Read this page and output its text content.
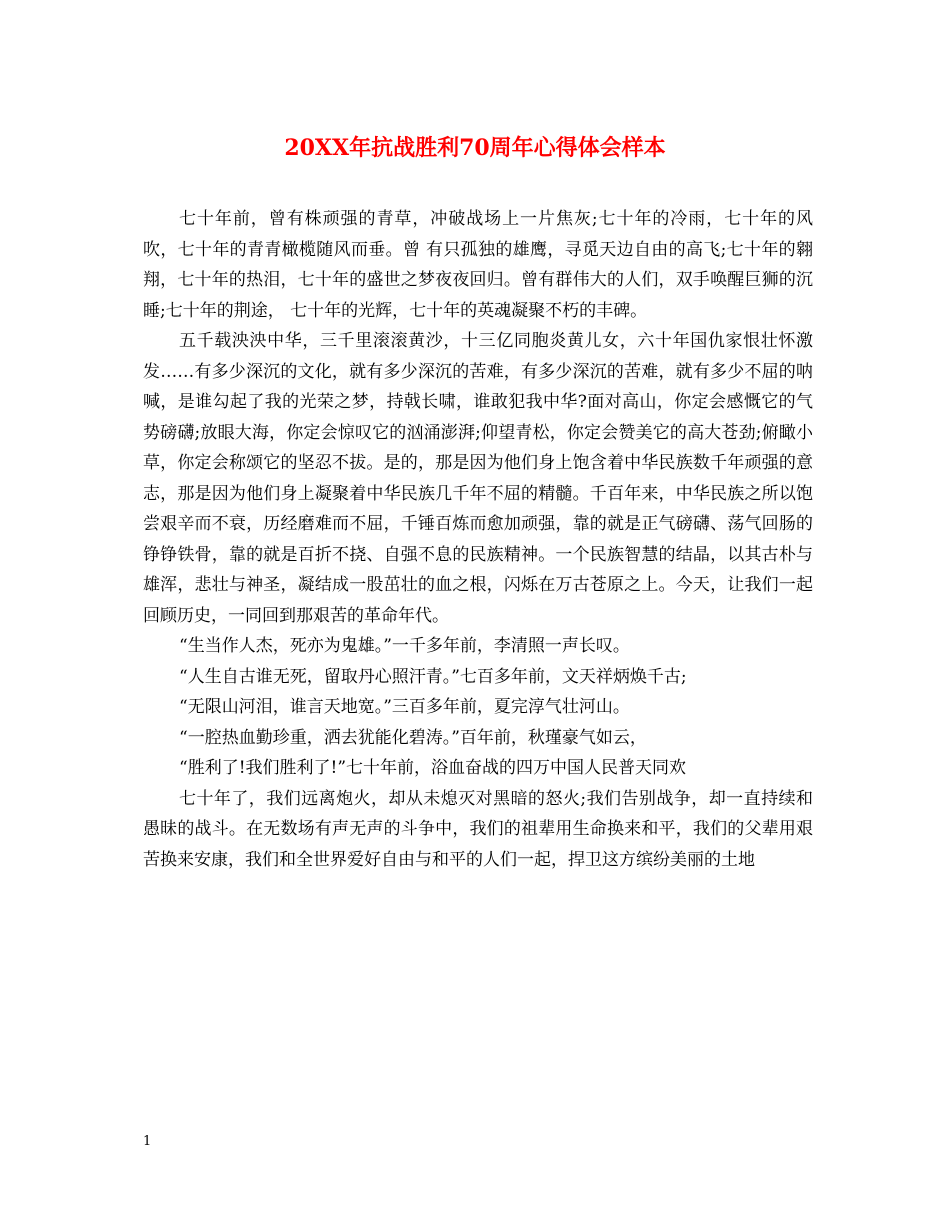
20XX年抗战胜利70周年心得体会样本

七十年前，曾有株顽强的青草，冲破战场上一片焦灰;七十年的冷雨，七十年的风吹，七十年的青青橄榄随风而垂。曾 有只孤独的雄鹰，寻觅天边自由的高飞;七十年的翱翔，七十年的热泪，七十年的盛世之梦夜夜回归。曾有群伟大的人们，双手唤醒巨狮的沉睡;七十年的荆途， 七十年的光辉，七十年的英魂凝聚不朽的丰碑。

五千载泱泱中华，三千里滚滚黄沙，十三亿同胞炎黄儿女，六十年国仇家恨壮怀激发……有多少深沉的文化，就有多少深沉的苦难，有多少深沉的苦难，就有多少不屈的呐喊，是谁勾起了我的光荣之梦，持戟长啸，谁敢犯我中华?面对高山，你定会感慨它的气势磅礴;放眼大海，你定会惊叹它的汹涌澎湃;仰望青松，你定会赞美它的高大苍劲;俯瞰小草，你定会称颂它的坚忍不拔。是的，那是因为他们身上饱含着中华民族数千年顽强的意志，那是因为他们身上凝聚着中华民族几千年不屈的精髓。千百年来，中华民族之所以饱尝艰辛而不衰，历经磨难而不屈，千锤百炼而愈加顽强，靠的就是正气磅礴、荡气回肠的铮铮铁骨，靠的就是百折不挠、自强不息的民族精神。一个民族智慧的结晶，以其古朴与雄浑，悲壮与神圣，凝结成一股茁壮的血之根，闪烁在万古苍原之上。今天，让我们一起回顾历史，一同回到那艰苦的革命年代。

“生当作人杰，死亦为鬼雄。”一千多年前，李清照一声长叹。

“人生自古谁无死，留取丹心照汗青。”七百多年前，文天祥炳焕千古;

“无限山河泪，谁言天地宽。”三百多年前，夏完淳气壮河山。

“一腔热血勤珍重，洒去犹能化碧涛。”百年前，秋瑾豪气如云，

“胜利了!我们胜利了!”七十年前，浴血奋战的四万中国人民普天同欢

七十年了，我们远离炮火，却从未熄灭对黑暗的怒火;我们告别战争，却一直持续和愚昧的战斗。在无数场有声无声的斗争中，我们的祖辈用生命换来和平，我们的父辈用艰苦换来安康，我们和全世界爱好自由与和平的人们一起，捍卫这方缤纷美丽的土地

1
